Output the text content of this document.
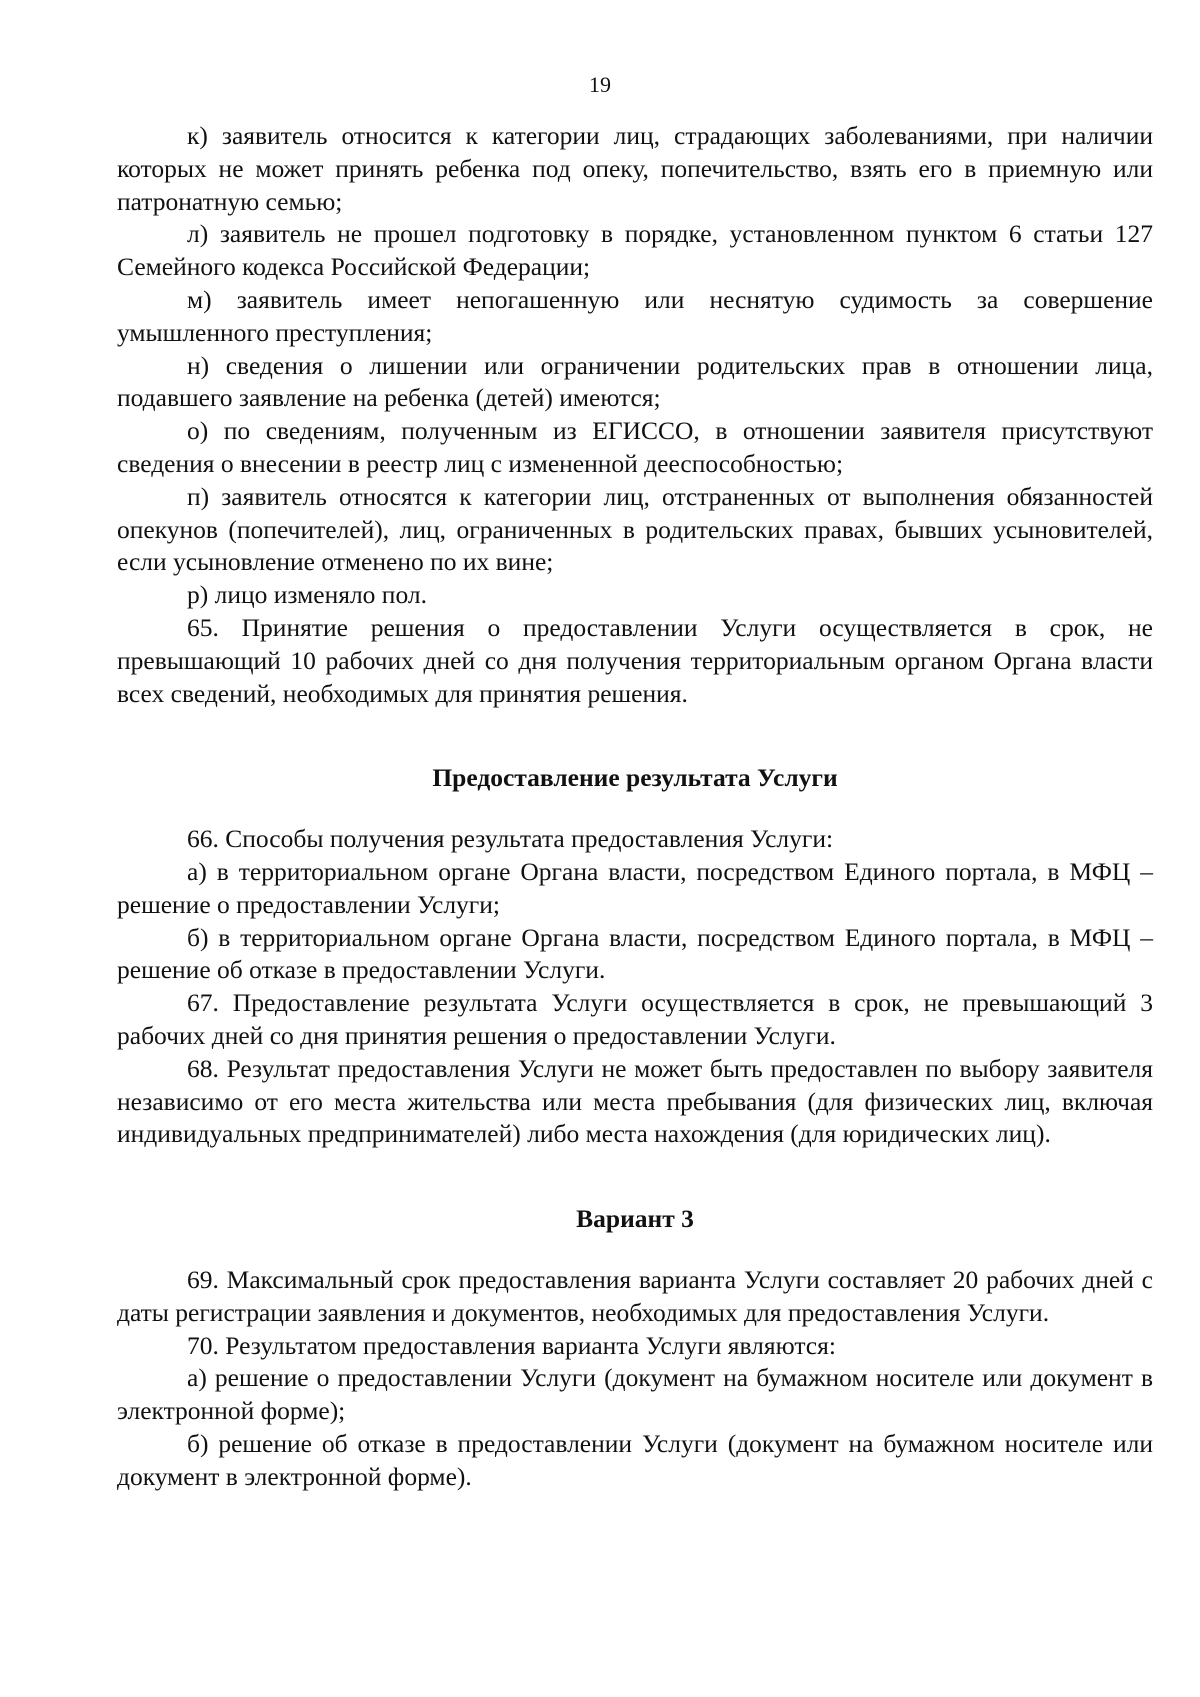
19

к) заявитель относится к категории лиц, страдающих заболеваниями, при наличии которых не может принять ребенка под опеку, попечительство, взять его в приемную или патронатную семью;

л) заявитель не прошел подготовку в порядке, установленном пунктом 6 статьи 127 Семейного кодекса Российской Федерации;

м) заявитель имеет непогашенную или неснятую судимость за совершение умышленного преступления;

н) сведения о лишении или ограничении родительских прав в отношении лица, подавшего заявление на ребенка (детей) имеются;

о) по сведениям, полученным из ЕГИССО, в отношении заявителя присутствуют сведения о внесении в реестр лиц с измененной дееспособностью;

п) заявитель относятся к категории лиц, отстраненных от выполнения обязанностей опекунов (попечителей), лиц, ограниченных в родительских правах, бывших усыновителей, если усыновление отменено по их вине;

р) лицо изменяло пол.

65. Принятие решения о предоставлении Услуги осуществляется в срок, не превышающий 10 рабочих дней со дня получения территориальным органом Органа власти всех сведений, необходимых для принятия решения.

Предоставление результата Услуги

66. Способы получения результата предоставления Услуги:

а) в территориальном органе Органа власти, посредством Единого портала, в МФЦ – решение о предоставлении Услуги;

б) в территориальном органе Органа власти, посредством Единого портала, в МФЦ – решение об отказе в предоставлении Услуги.

67. Предоставление результата Услуги осуществляется в срок, не превышающий 3 рабочих дней со дня принятия решения о предоставлении Услуги.

68. Результат предоставления Услуги не может быть предоставлен по выбору заявителя независимо от его места жительства или места пребывания (для физических лиц, включая индивидуальных предпринимателей) либо места нахождения (для юридических лиц).

Вариант 3

69. Максимальный срок предоставления варианта Услуги составляет 20 рабочих дней с даты регистрации заявления и документов, необходимых для предоставления Услуги.

70. Результатом предоставления варианта Услуги являются:

а) решение о предоставлении Услуги (документ на бумажном носителе или документ в электронной форме);

б) решение об отказе в предоставлении Услуги (документ на бумажном носителе или документ в электронной форме).
